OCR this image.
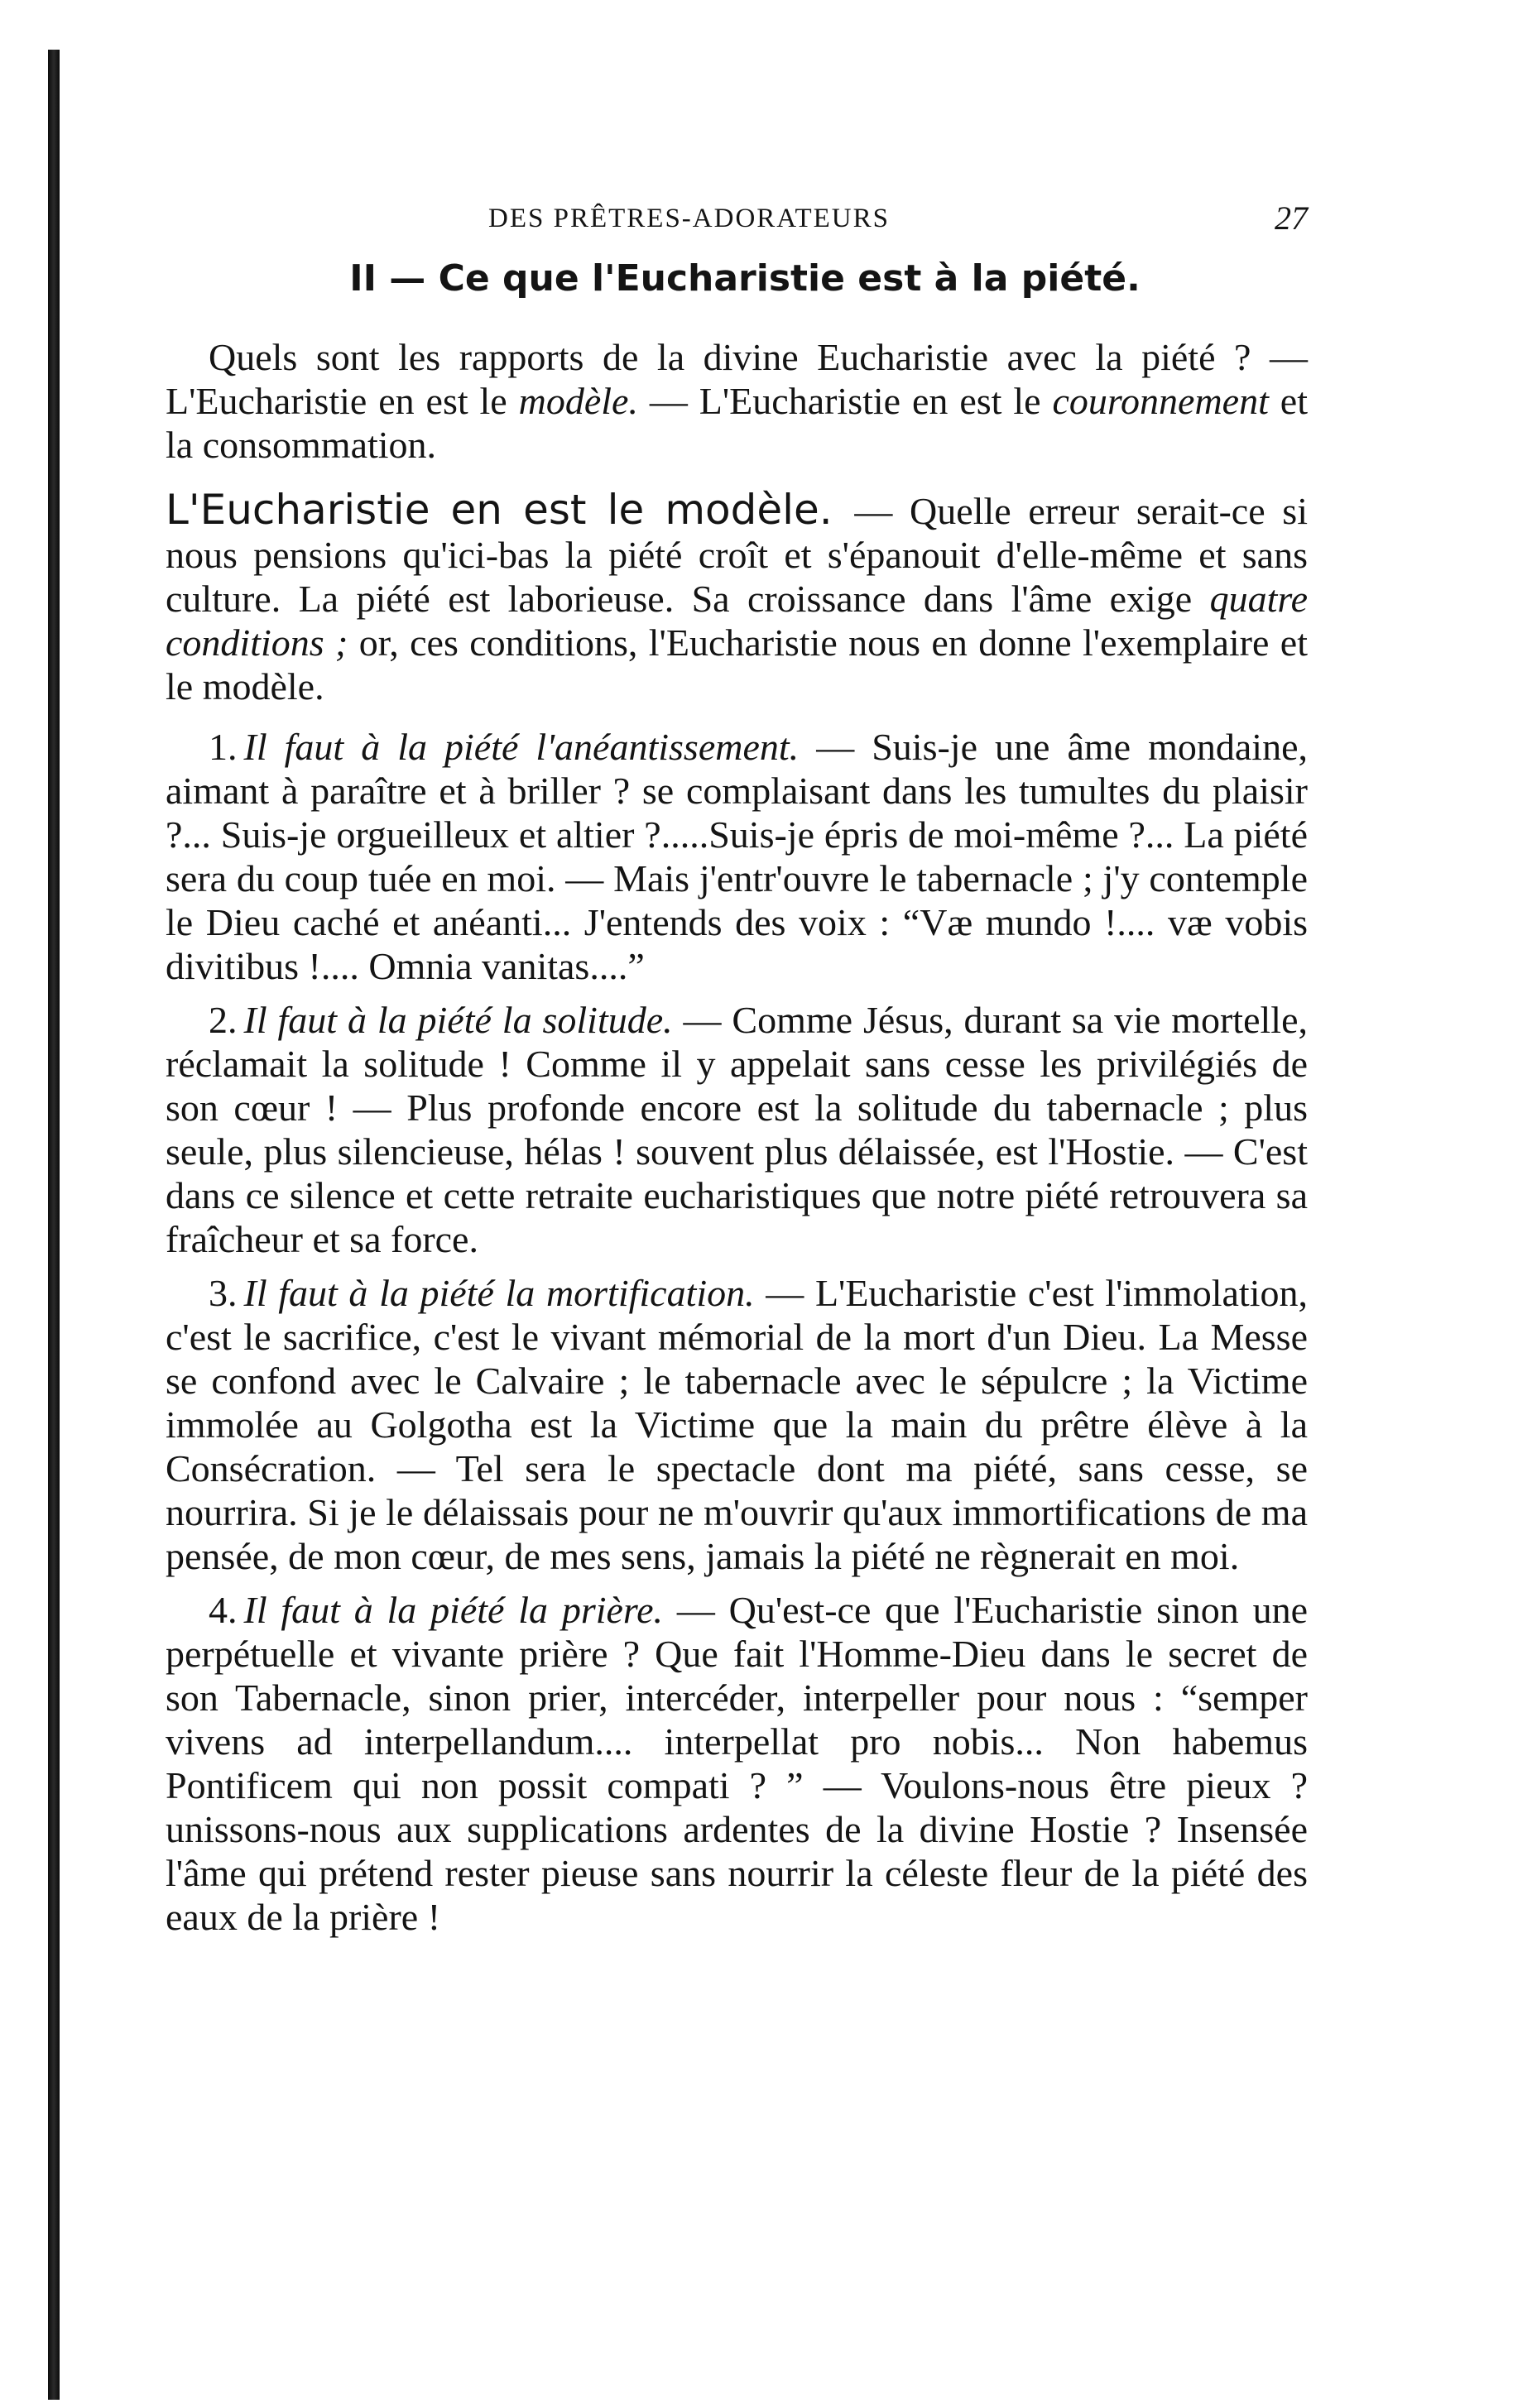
DES PRÊTRES-ADORATEURS	27
II — Ce que l'Eucharistie est à la piété.

Quels sont les rapports de la divine Eucharistie avec la piété ? — L'Eucharistie en est le modèle. — L'Eucharistie en est le couronnement et la consommation.

L'Eucharistie en est le modèle. — Quelle erreur serait-ce si nous pensions qu'ici-bas la piété croît et s'épanouit d'elle-même et sans culture. La piété est laborieuse. Sa croissance dans l'âme exige quatre conditions ; or, ces conditions, l'Eucharistie nous en donne l'exemplaire et le modèle.

1. Il faut à la piété l'anéantissement. — Suis-je une âme mondaine, aimant à paraître et à briller ? se complaisant dans les tumultes du plaisir ?... Suis-je orgueilleux et altier ?.....Suis-je épris de moi-même ?... La piété sera du coup tuée en moi. — Mais j'entr'ouvre le tabernacle ; j'y contemple le Dieu caché et anéanti... J'entends des voix : “Væ mundo !.... væ vobis divitibus !.... Omnia vanitas....”

2. Il faut à la piété la solitude. — Comme Jésus, durant sa vie mortelle, réclamait la solitude ! Comme il y appelait sans cesse les privilégiés de son cœur ! — Plus profonde encore est la solitude du tabernacle ; plus seule, plus silencieuse, hélas ! souvent plus délaissée, est l'Hostie. — C'est dans ce silence et cette retraite eucharistiques que notre piété retrouvera sa fraîcheur et sa force.

3. Il faut à la piété la mortification. — L'Eucharistie c'est l'immolation, c'est le sacrifice, c'est le vivant mémorial de la mort d'un Dieu. La Messe se confond avec le Calvaire ; le tabernacle avec le sépulcre ; la Victime immolée au Golgotha est la Victime que la main du prêtre élève à la Consécration. — Tel sera le spectacle dont ma piété, sans cesse, se nourrira. Si je le délaissais pour ne m'ouvrir qu'aux immortifications de ma pensée, de mon cœur, de mes sens, jamais la piété ne règnerait en moi.

4. Il faut à la piété la prière. — Qu'est-ce que l'Eucharistie sinon une perpétuelle et vivante prière ? Que fait l'Homme-Dieu dans le secret de son Tabernacle, sinon prier, intercéder, interpeller pour nous : “semper vivens ad interpellandum.... interpellat pro nobis... Non habemus Pontificem qui non possit compati ? ” — Voulons-nous être pieux ? unissons-nous aux supplications ardentes de la divine Hostie ? Insensée l'âme qui prétend rester pieuse sans nourrir la céleste fleur de la piété des eaux de la prière !
